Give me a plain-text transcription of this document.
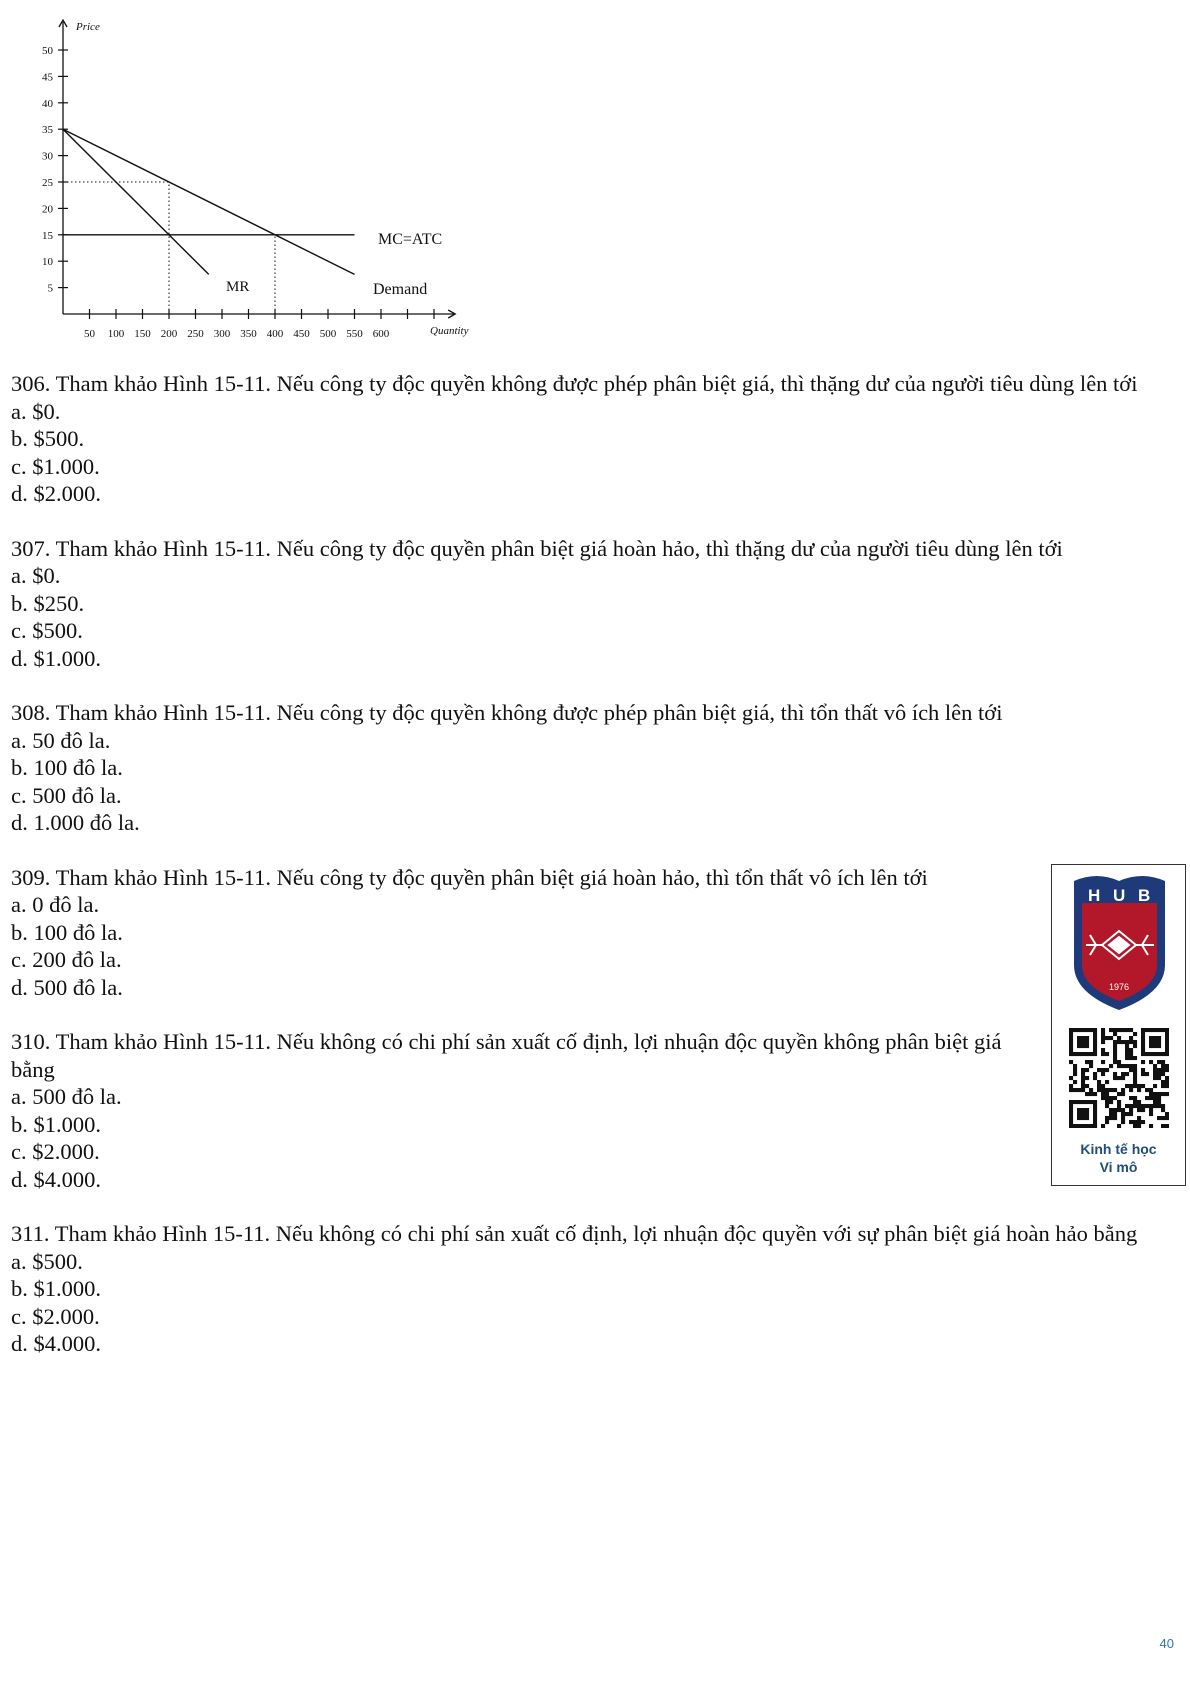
50
45
40
35
30
25
20
15
10
5
50 100 150 200 250 300 350 400 450 500 550 600
Price
Quantity
MC=ATC
MR	Demand

306. Tham khảo Hình 15-11. Nếu công ty độc quyền không được phép phân biệt giá, thì thặng dư của người tiêu dùng lên tới

a. $0.

b. $500.

c. $1.000.

d. $2.000.

307. Tham khảo Hình 15-11. Nếu công ty độc quyền phân biệt giá hoàn hảo, thì thặng dư của người tiêu dùng lên tới

a. $0.

b. $250.

c. $500.

d. $1.000.

308. Tham khảo Hình 15-11. Nếu công ty độc quyền không được phép phân biệt giá, thì tổn thất vô ích lên tới

a. 50 đô la.

b. 100 đô la.

c. 500 đô la.

d. 1.000 đô la.

309. Tham khảo Hình 15-11. Nếu công ty độc quyền phân biệt giá hoàn hảo, thì tổn thất vô ích lên tới

a. 0 đô la.

b. 100 đô la.

c. 200 đô la.

d. 500 đô la.

310. Tham khảo Hình 15-11. Nếu không có chi phí sản xuất cố định, lợi nhuận độc quyền không phân biệt giá bằng

a. 500 đô la.

b. $1.000.

c. $2.000.

d. $4.000.

311. Tham khảo Hình 15-11. Nếu không có chi phí sản xuất cố định, lợi nhuận độc quyền với sự phân biệt giá hoàn hảo bằng

a. $500.

b. $1.000.

c. $2.000.

d. $4.000.

H U B
1976
Kinh tế học
Vi mô
40
